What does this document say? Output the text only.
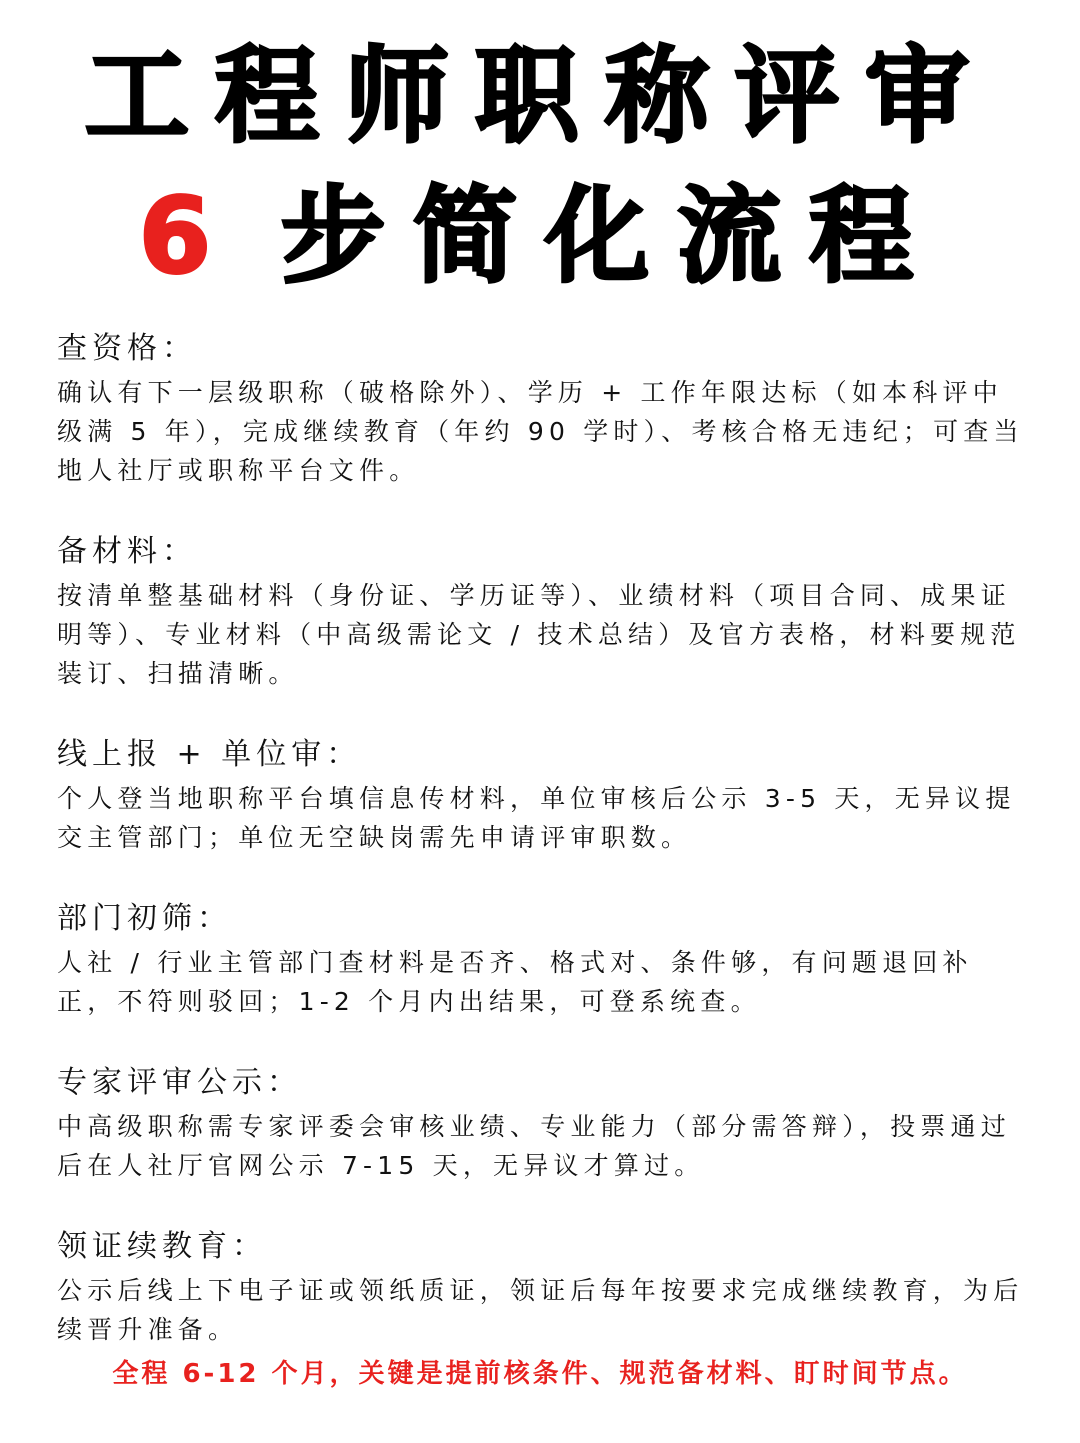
工程师职称评审
6 步简化流程

查资格：

确认有下一层级职称（破格除外）、学历 + 工作年限达标（如本科评中级满 5 年），完成继续教育（年约 90 学时）、考核合格无违纪；可查当地人社厅或职称平台文件。

备材料：

按清单整基础材料（身份证、学历证等）、业绩材料（项目合同、成果证明等）、专业材料（中高级需论文 / 技术总结）及官方表格，材料要规范装订、扫描清晰。

线上报 + 单位审：

个人登当地职称平台填信息传材料，单位审核后公示 3-5 天，无异议提交主管部门；单位无空缺岗需先申请评审职数。

部门初筛：

人社 / 行业主管部门查材料是否齐、格式对、条件够，有问题退回补正，不符则驳回；1-2 个月内出结果，可登系统查。

专家评审公示：

中高级职称需专家评委会审核业绩、专业能力（部分需答辩），投票通过后在人社厅官网公示 7-15 天，无异议才算过。

领证续教育：

公示后线上下电子证或领纸质证，领证后每年按要求完成继续教育，为后续晋升准备。

全程 6-12 个月，关键是提前核条件、规范备材料、盯时间节点。
